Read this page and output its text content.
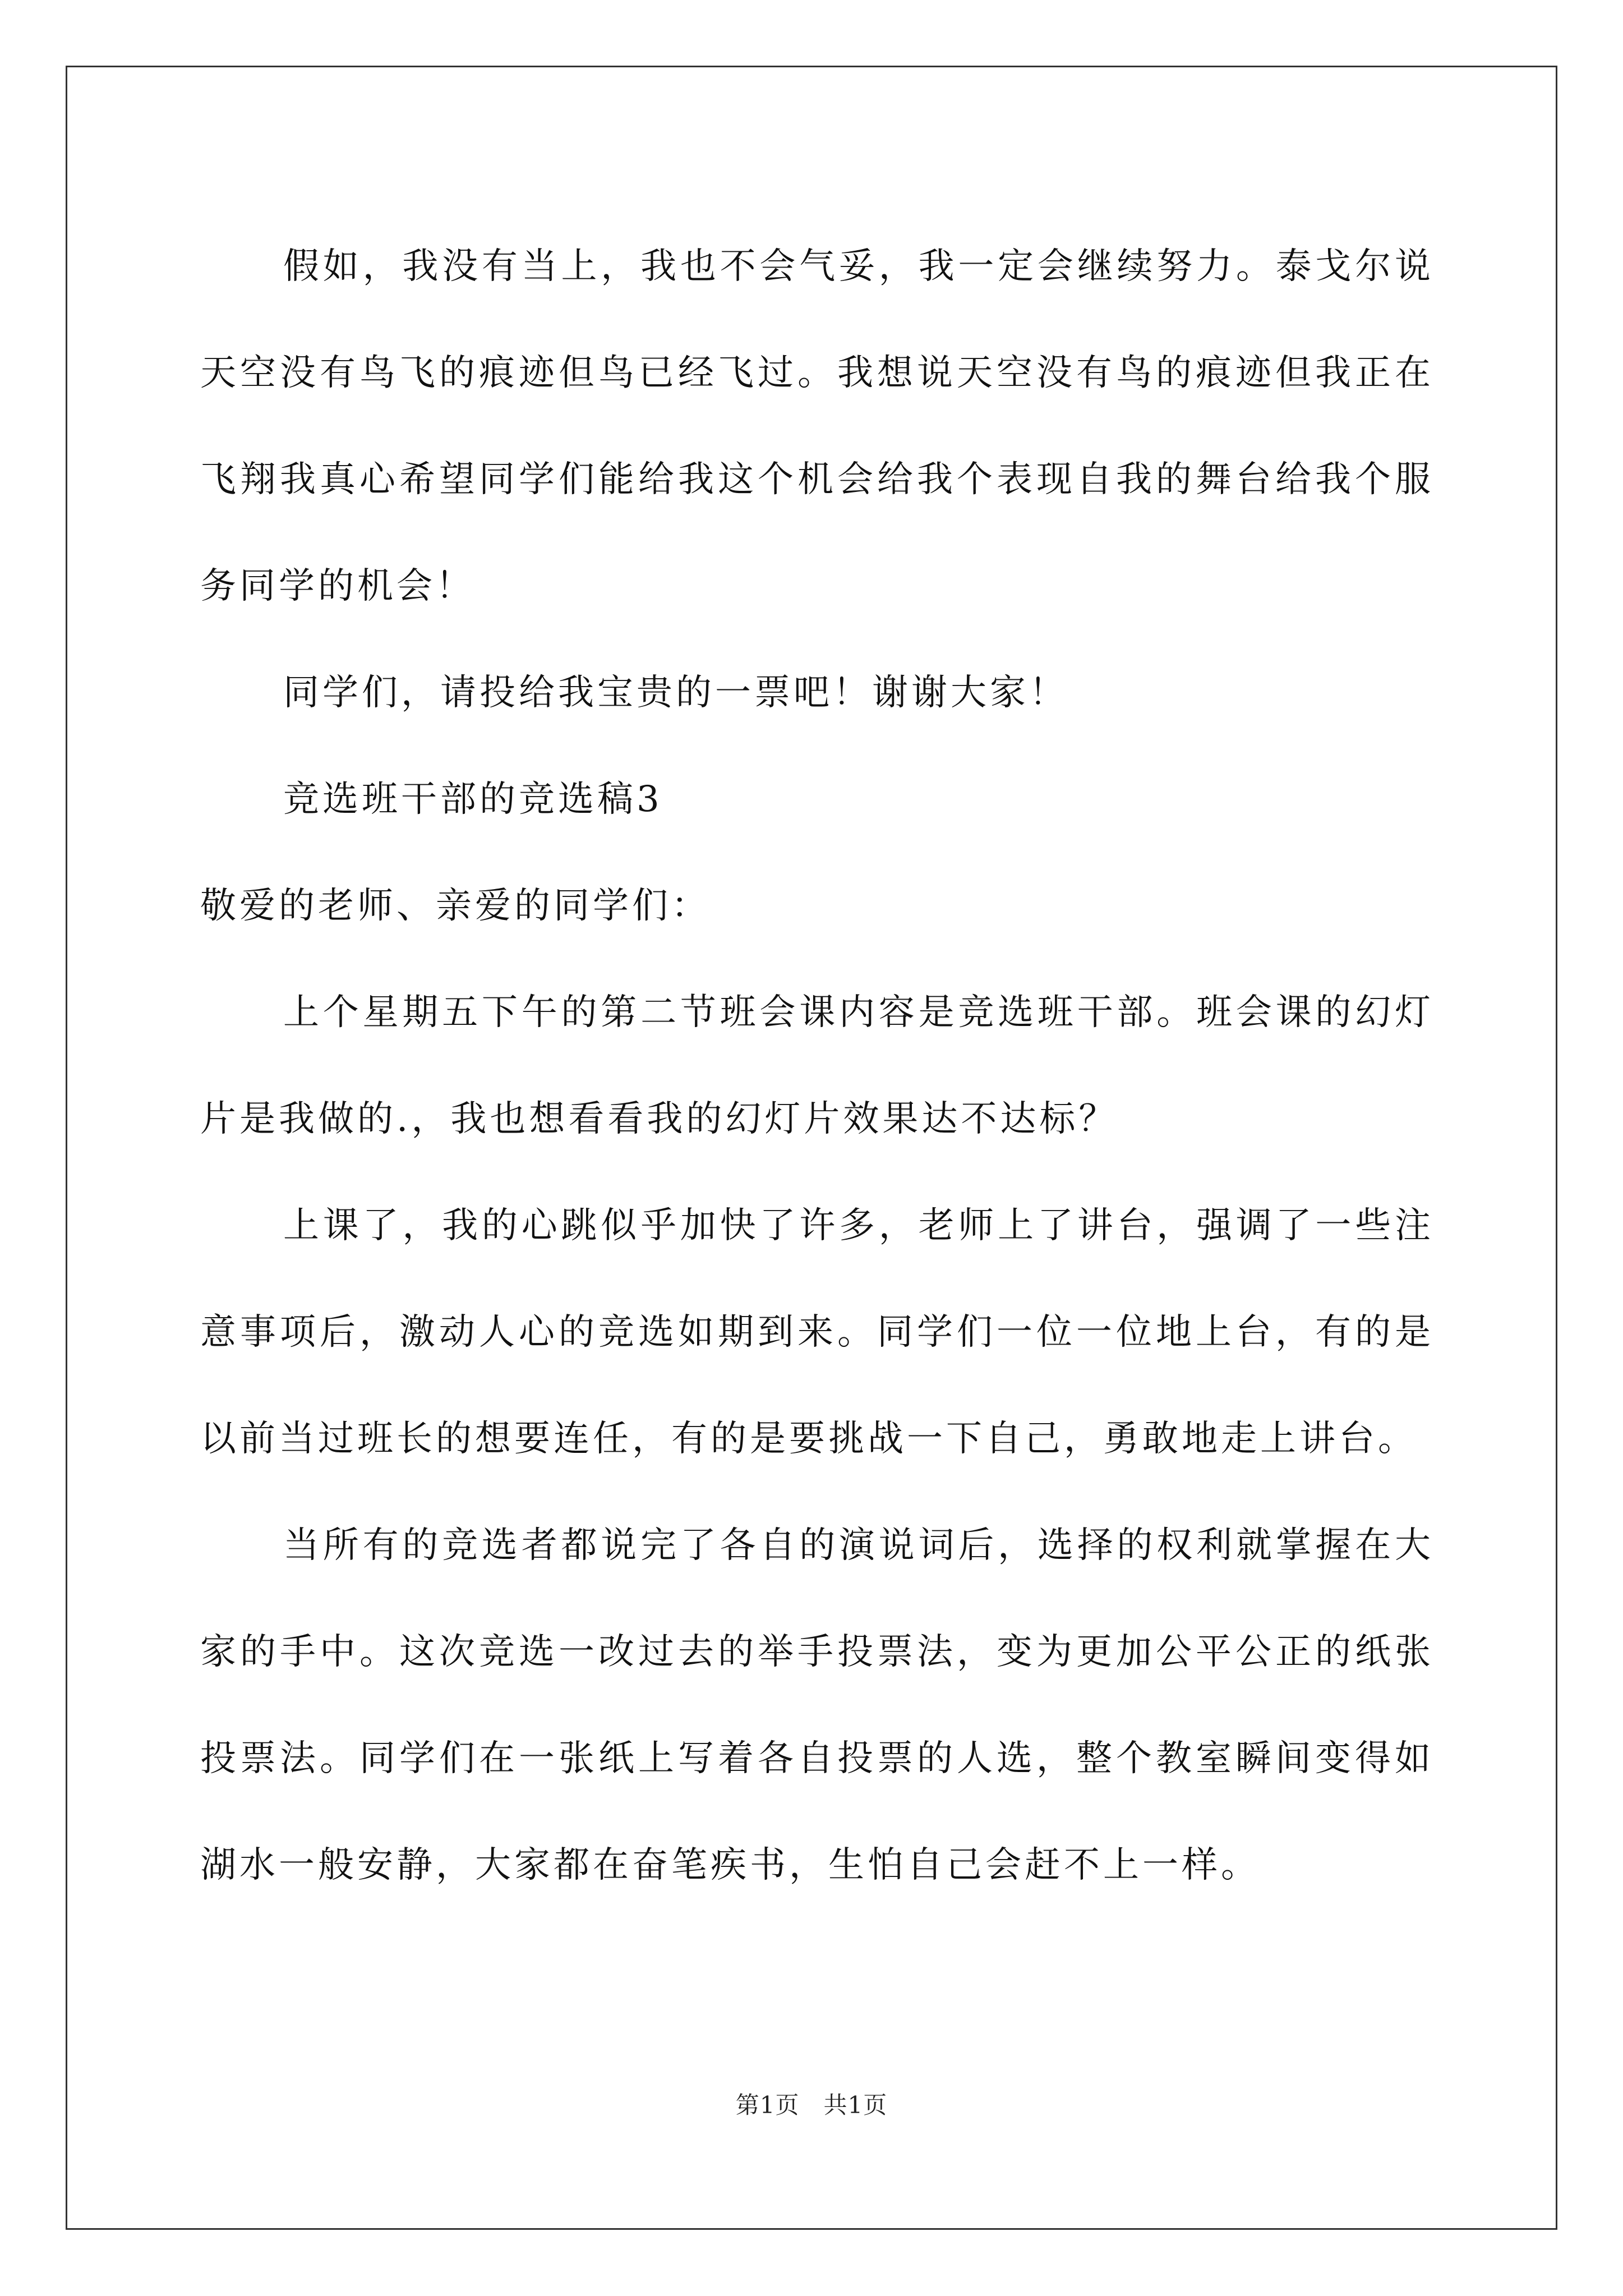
假如，我没有当上，我也不会气妥，我一定会继续努力。泰戈尔说天空没有鸟飞的痕迹但鸟已经飞过。我想说天空没有鸟的痕迹但我正在飞翔我真心希望同学们能给我这个机会给我个表现自我的舞台给我个服务同学的机会！

同学们，请投给我宝贵的一票吧！谢谢大家！

竞选班干部的竞选稿3

敬爱的老师、亲爱的同学们：

上个星期五下午的第二节班会课内容是竞选班干部。班会课的幻灯片是我做的.，我也想看看我的幻灯片效果达不达标？

上课了，我的心跳似乎加快了许多，老师上了讲台，强调了一些注意事项后，激动人心的竞选如期到来。同学们一位一位地上台，有的是以前当过班长的想要连任，有的是要挑战一下自己，勇敢地走上讲台。

当所有的竞选者都说完了各自的演说词后，选择的权利就掌握在大家的手中。这次竞选一改过去的举手投票法，变为更加公平公正的纸张投票法。同学们在一张纸上写着各自投票的人选，整个教室瞬间变得如湖水一般安静，大家都在奋笔疾书，生怕自己会赶不上一样。

第1页　共1页
